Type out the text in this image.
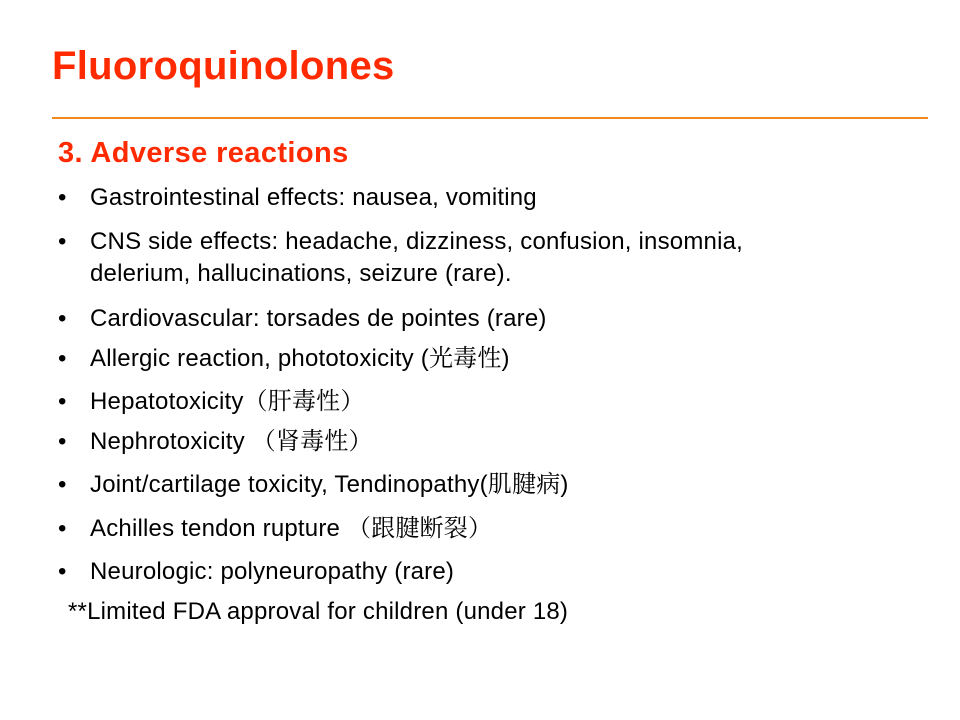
Fluoroquinolones
3. Adverse reactions
• Gastrointestinal effects: nausea, vomiting
• CNS side effects: headache, dizziness, confusion, insomnia, delerium, hallucinations, seizure (rare).
• Cardiovascular: torsades de pointes (rare)
• Allergic reaction, phototoxicity (光毒性)
• Hepatotoxicity（肝毒性）
• Nephrotoxicity （肾毒性）
• Joint/cartilage toxicity, Tendinopathy(肌腱病)
• Achilles tendon rupture （跟腱断裂）
• Neurologic: polyneuropathy (rare)

**Limited FDA approval for children (under 18)
